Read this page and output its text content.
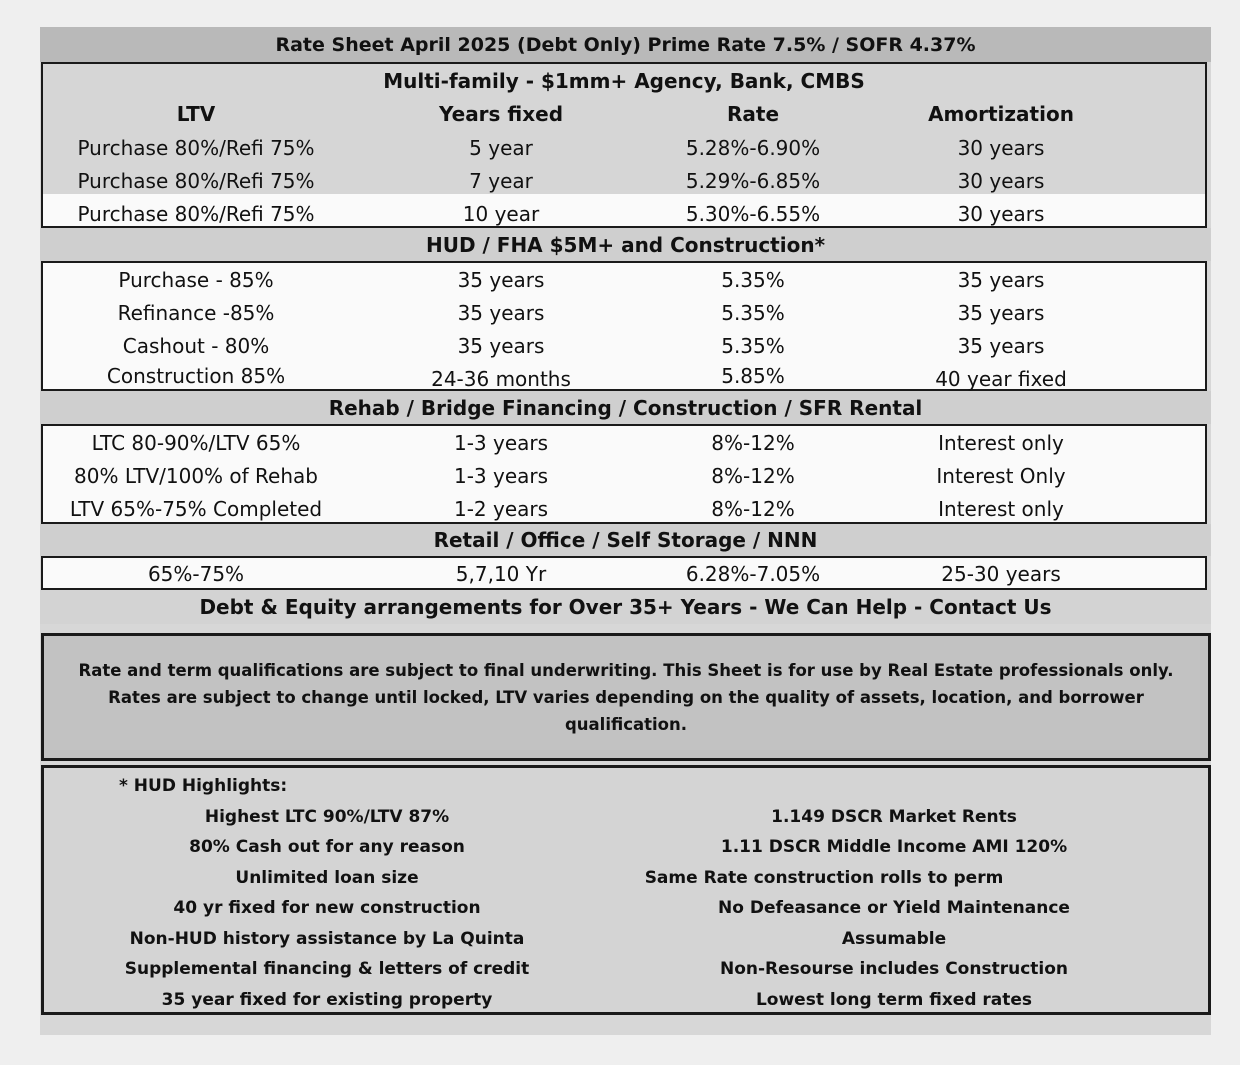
Rate Sheet April 2025 (Debt Only) Prime Rate 7.5% / SOFR 4.37%
Multi-family - $1mm+ Agency, Bank, CMBS
LTV	Years fixed	Rate	Amortization
Purchase 80%/Refi 75%	5 year	5.28%-6.90%	30 years
Purchase 80%/Refi 75%	7 year	5.29%-6.85%	30 years
Purchase 80%/Refi 75%	10 year	5.30%-6.55%	30 years
HUD / FHA $5M+ and Construction*
Purchase - 85%	35 years	5.35%	35 years
Refinance -85%	35 years	5.35%	35 years
Cashout - 80%	35 years	5.35%	35 years
Construction 85%	24-36 months	5.85%	40 year fixed
Rehab / Bridge Financing / Construction / SFR Rental
LTC 80-90%/LTV 65%	1-3 years	8%-12%	Interest only
80% LTV/100% of Rehab	1-3 years	8%-12%	Interest Only
LTV 65%-75% Completed	1-2 years	8%-12%	Interest only
Retail / Office / Self Storage / NNN
65%-75%	5,7,10 Yr	6.28%-7.05%	25-30 years
Debt & Equity arrangements for Over 35+ Years - We Can Help - Contact Us

Rate and term qualifications are subject to final underwriting. This Sheet is for use by Real Estate professionals only. Rates are subject to change until locked, LTV varies depending on the quality of assets, location, and borrower qualification.

* HUD Highlights:
Highest LTC 90%/LTV 87%
80% Cash out for any reason
Unlimited loan size
40 yr fixed for new construction
Non-HUD history assistance by La Quinta
Supplemental financing & letters of credit
35 year fixed for existing property
1.149 DSCR Market Rents
1.11 DSCR Middle Income AMI 120%
Same Rate construction rolls to perm
No Defeasance or Yield Maintenance
Assumable
Non-Resourse includes Construction
Lowest long term fixed rates
